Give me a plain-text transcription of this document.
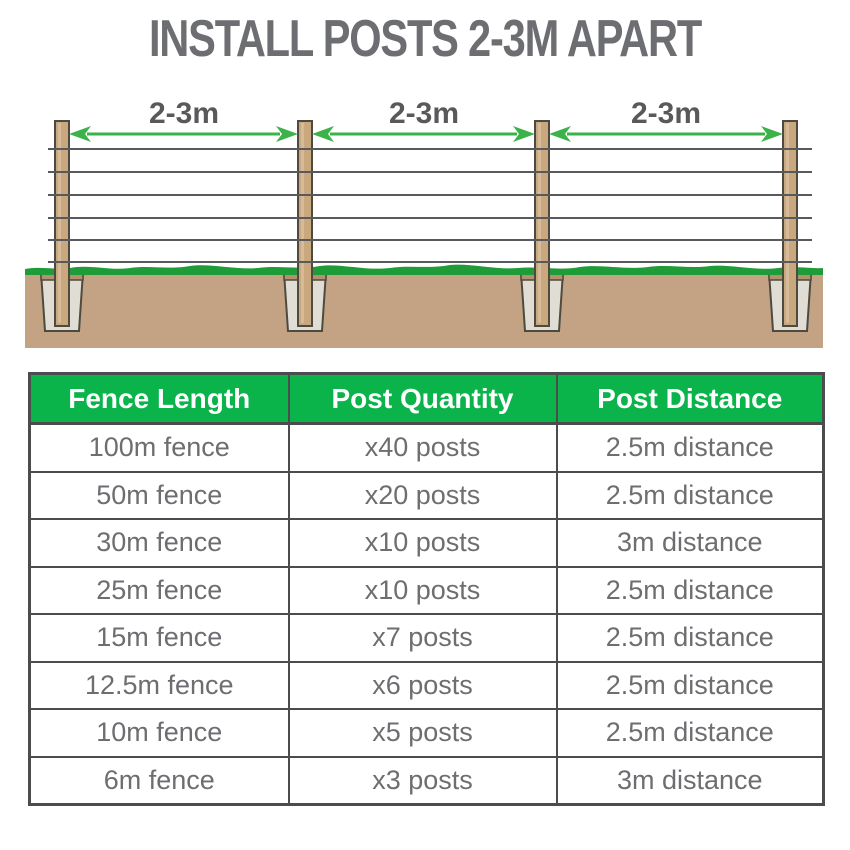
INSTALL POSTS 2-3M APART
2-3m	2-3m	2-3m
Fence Length	Post Quantity	Post Distance
100m fence	x40 posts	2.5m distance
50m fence	x20 posts	2.5m distance
30m fence	x10 posts	3m distance
25m fence	x10 posts	2.5m distance
15m fence	x7 posts	2.5m distance
12.5m fence	x6 posts	2.5m distance
10m fence	x5 posts	2.5m distance
6m fence	x3 posts	3m distance
